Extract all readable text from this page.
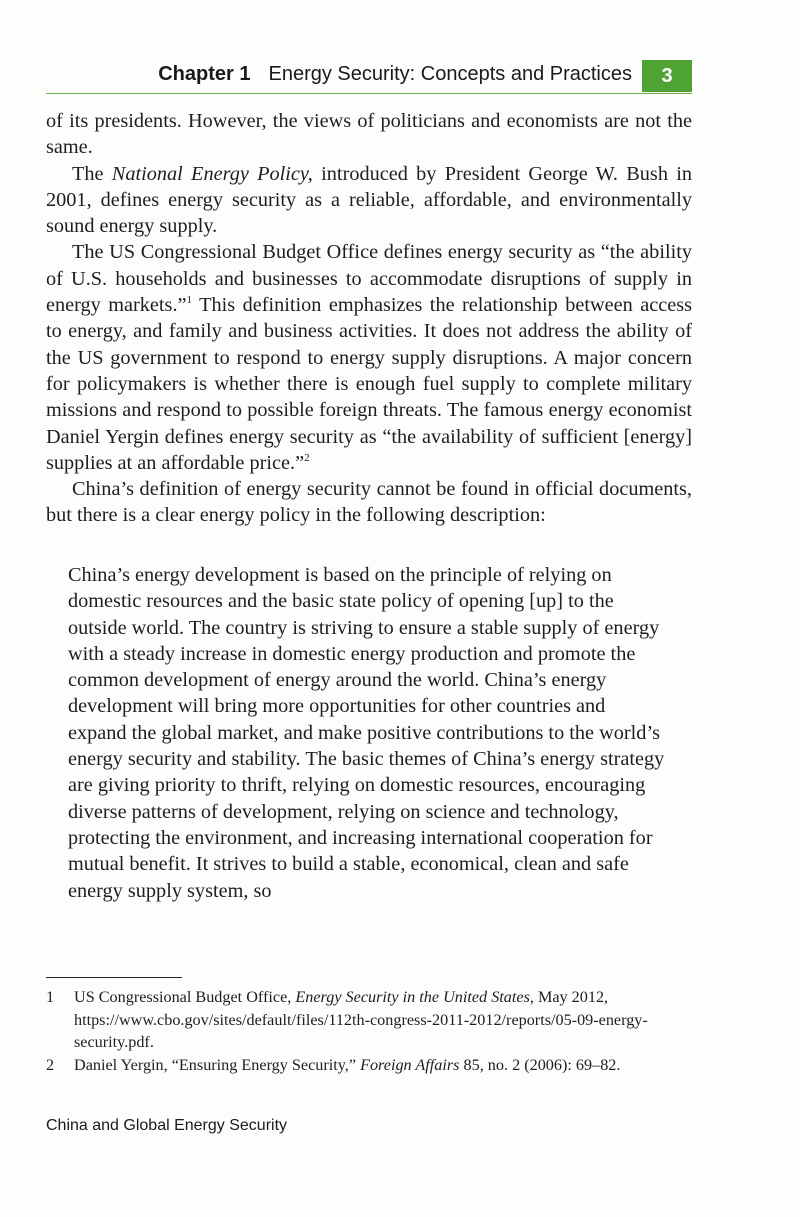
Chapter 1 Energy Security: Concepts and Practices	3

of its presidents. However, the views of politicians and economists are not the same.

The National Energy Policy, introduced by President George W. Bush in 2001, defines energy security as a reliable, affordable, and environmentally sound energy supply.

The US Congressional Budget Office defines energy security as “the ability of U.S. households and businesses to accommodate disruptions of supply in energy markets.”$^1$ This definition emphasizes the relationship between access to energy, and family and business activities. It does not address the ability of the US government to respond to energy supply disruptions. A major concern for policymakers is whether there is enough fuel supply to complete military missions and respond to possible foreign threats. The famous energy economist Daniel Yergin defines energy security as “the availability of sufficient [energy] supplies at an affordable price.”$^2$

China’s definition of energy security cannot be found in official documents, but there is a clear energy policy in the following description:

China’s energy development is based on the principle of relying on domestic resources and the basic state policy of opening [up] to the outside world. The country is striving to ensure a stable supply of energy with a steady increase in domestic energy production and promote the common development of energy around the world. China’s energy development will bring more opportunities for other countries and expand the global market, and make positive contributions to the world’s energy security and stability. The basic themes of China’s energy strategy are giving priority to thrift, relying on domestic resources, encouraging diverse patterns of development, relying on science and technology, protecting the environment, and increasing international cooperation for mutual benefit. It strives to build a stable, economical, clean and safe energy supply system, so
1	US Congressional Budget Office, Energy Security in the United States, May 2012, https://www.cbo.gov/sites/default/files/112th-congress-2011-2012/reports/05-09-energy-security.pdf.
2	Daniel Yergin, “Ensuring Energy Security,” Foreign Affairs 85, no. 2 (2006): 69–82.
China and Global Energy Security
